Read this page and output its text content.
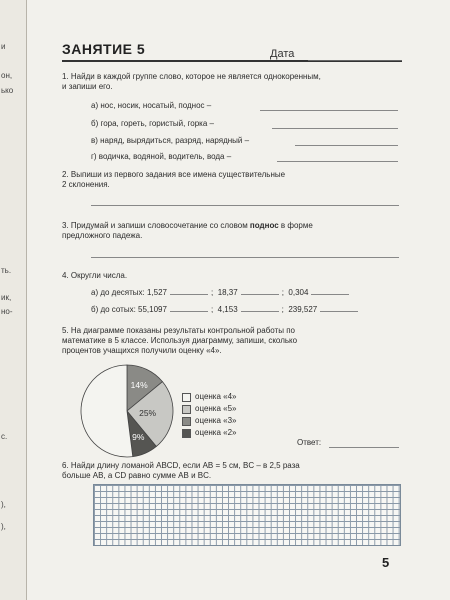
и
он,
ько
ть.
ик,
но-
с.
),
),
ЗАНЯТИЕ 5	Дата
1. Найди в каждой группе слово, которое не является однокоренным,
и запиши его.
а) нос, носик, носатый, поднос –
б) гора, гореть, гористый, горка –
в) наряд, вырядиться, разряд, нарядный –
г) водичка, водяной, водитель, вода –
2. Выпиши из первого задания все имена существительные
2 склонения.
3. Придумай и запиши словосочетание со словом поднос в форме
предложного падежа.
4. Округли числа.
а) до десятых: 1,527	;  18,37	;  0,304
б) до сотых: 55,1097	;  4,153	;  239,527
5. На диаграмме показаны результаты контрольной работы по
математике в 5 классе. Используя диаграмму, запиши, сколько
процентов учащихся получили оценку «4».
14%
25%
9%
оценка «4»
оценка «5»
оценка «3»
оценка «2»
Ответ:
6. Найди длину ломаной ABCD, если AB = 5 см, BC – в 2,5 раза
больше AB, а CD равно сумме AB и BC.
5
